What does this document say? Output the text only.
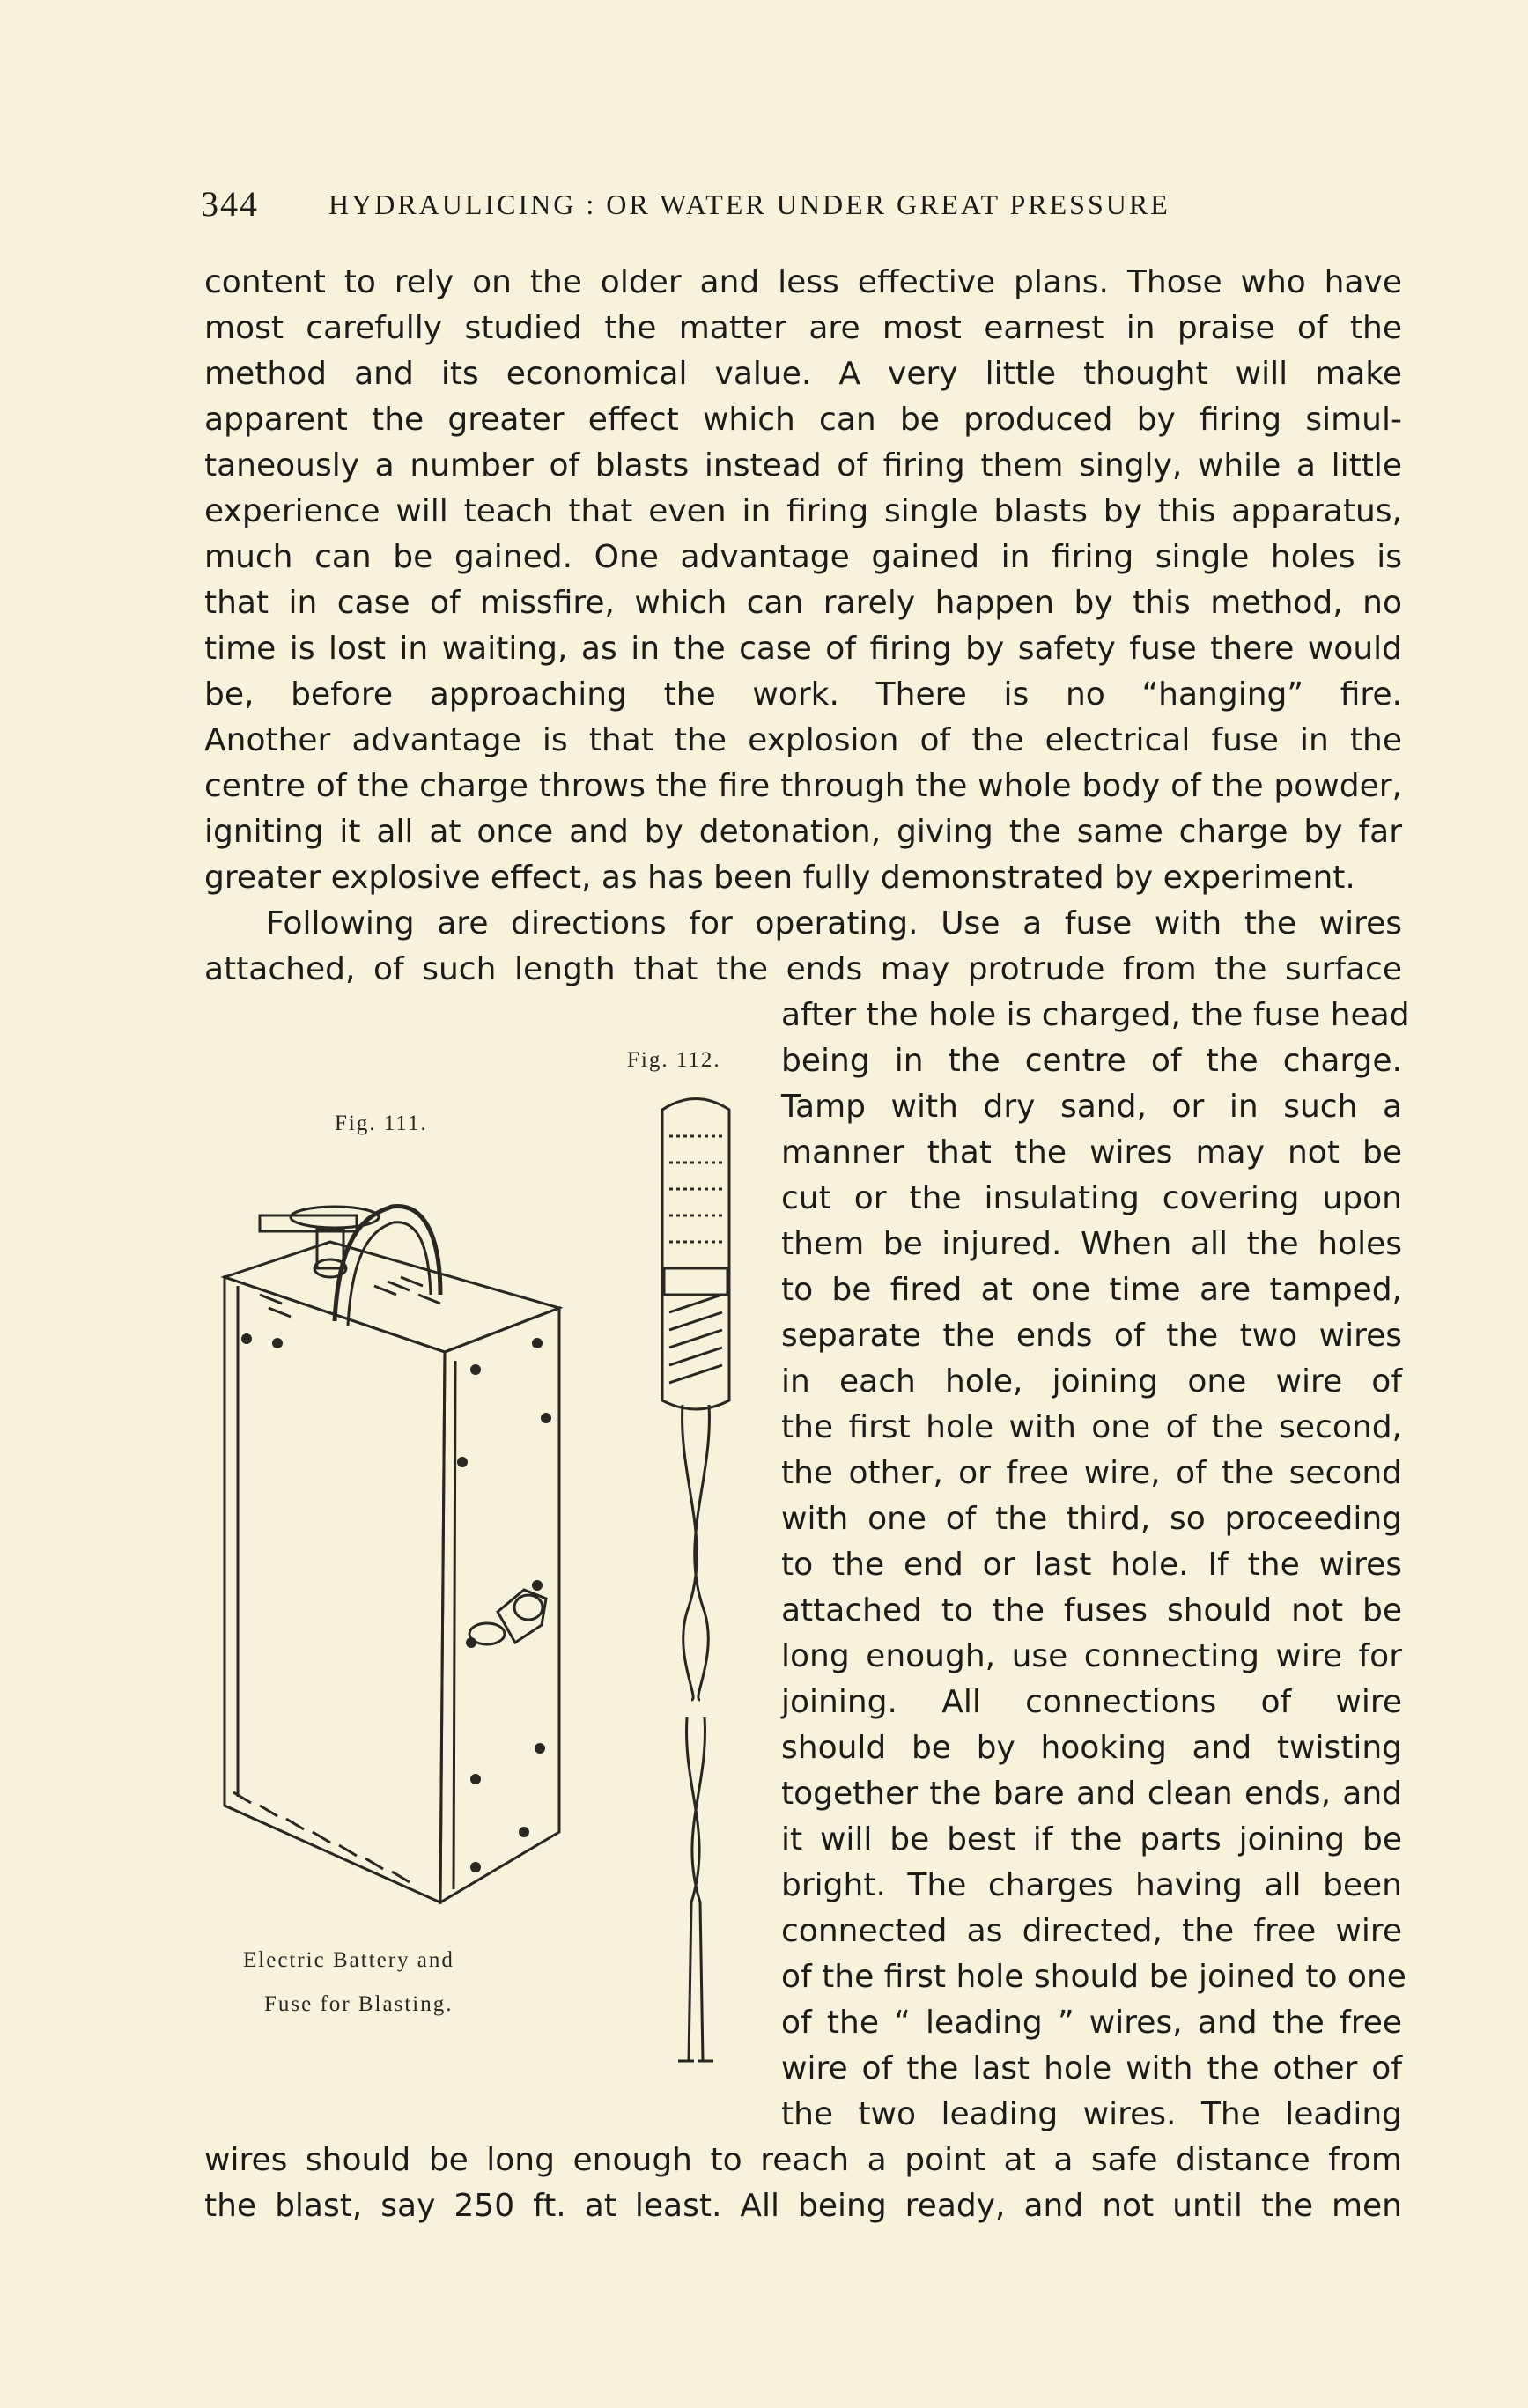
344 HYDRAULICING : OR WATER UNDER GREAT PRESSURE
content to rely on the older and less effective plans. Those who have
most carefully studied the matter are most earnest in praise of the
method and its economical value. A very little thought will make
apparent the greater effect which can be produced by firing simul-
taneously a number of blasts instead of firing them singly, while a little
experience will teach that even in firing single blasts by this apparatus,
much can be gained. One advantage gained in firing single holes is
that in case of missfire, which can rarely happen by this method, no
time is lost in waiting, as in the case of firing by safety fuse there would
be, before approaching the work. There is no “hanging” fire.
Another advantage is that the explosion of the electrical fuse in the
centre of the charge throws the fire through the whole body of the powder,
igniting it all at once and by detonation, giving the same charge by far
greater explosive effect, as has been fully demonstrated by experiment.
Following are directions for operating. Use a fuse with the wires
attached, of such length that the ends may protrude from the surface
after the hole is charged, the fuse head
being in the centre of the charge.
Tamp with dry sand, or in such a
manner that the wires may not be
cut or the insulating covering upon
them be injured. When all the holes
to be fired at one time are tamped,
separate the ends of the two wires
in each hole, joining one wire of
the first hole with one of the second,
the other, or free wire, of the second
with one of the third, so proceeding
to the end or last hole. If the wires
attached to the fuses should not be
long enough, use connecting wire for
joining. All connections of wire
should be by hooking and twisting
together the bare and clean ends, and
it will be best if the parts joining be
bright. The charges having all been
connected as directed, the free wire
of the first hole should be joined to one
of the “ leading ” wires, and the free
wire of the last hole with the other of
the two leading wires. The leading
wires should be long enough to reach a point at a safe distance from
the blast, say 250 ft. at least. All being ready, and not until the men
Fig. 111.
Fig. 112.
Electric Battery and
Fuse for Blasting.
